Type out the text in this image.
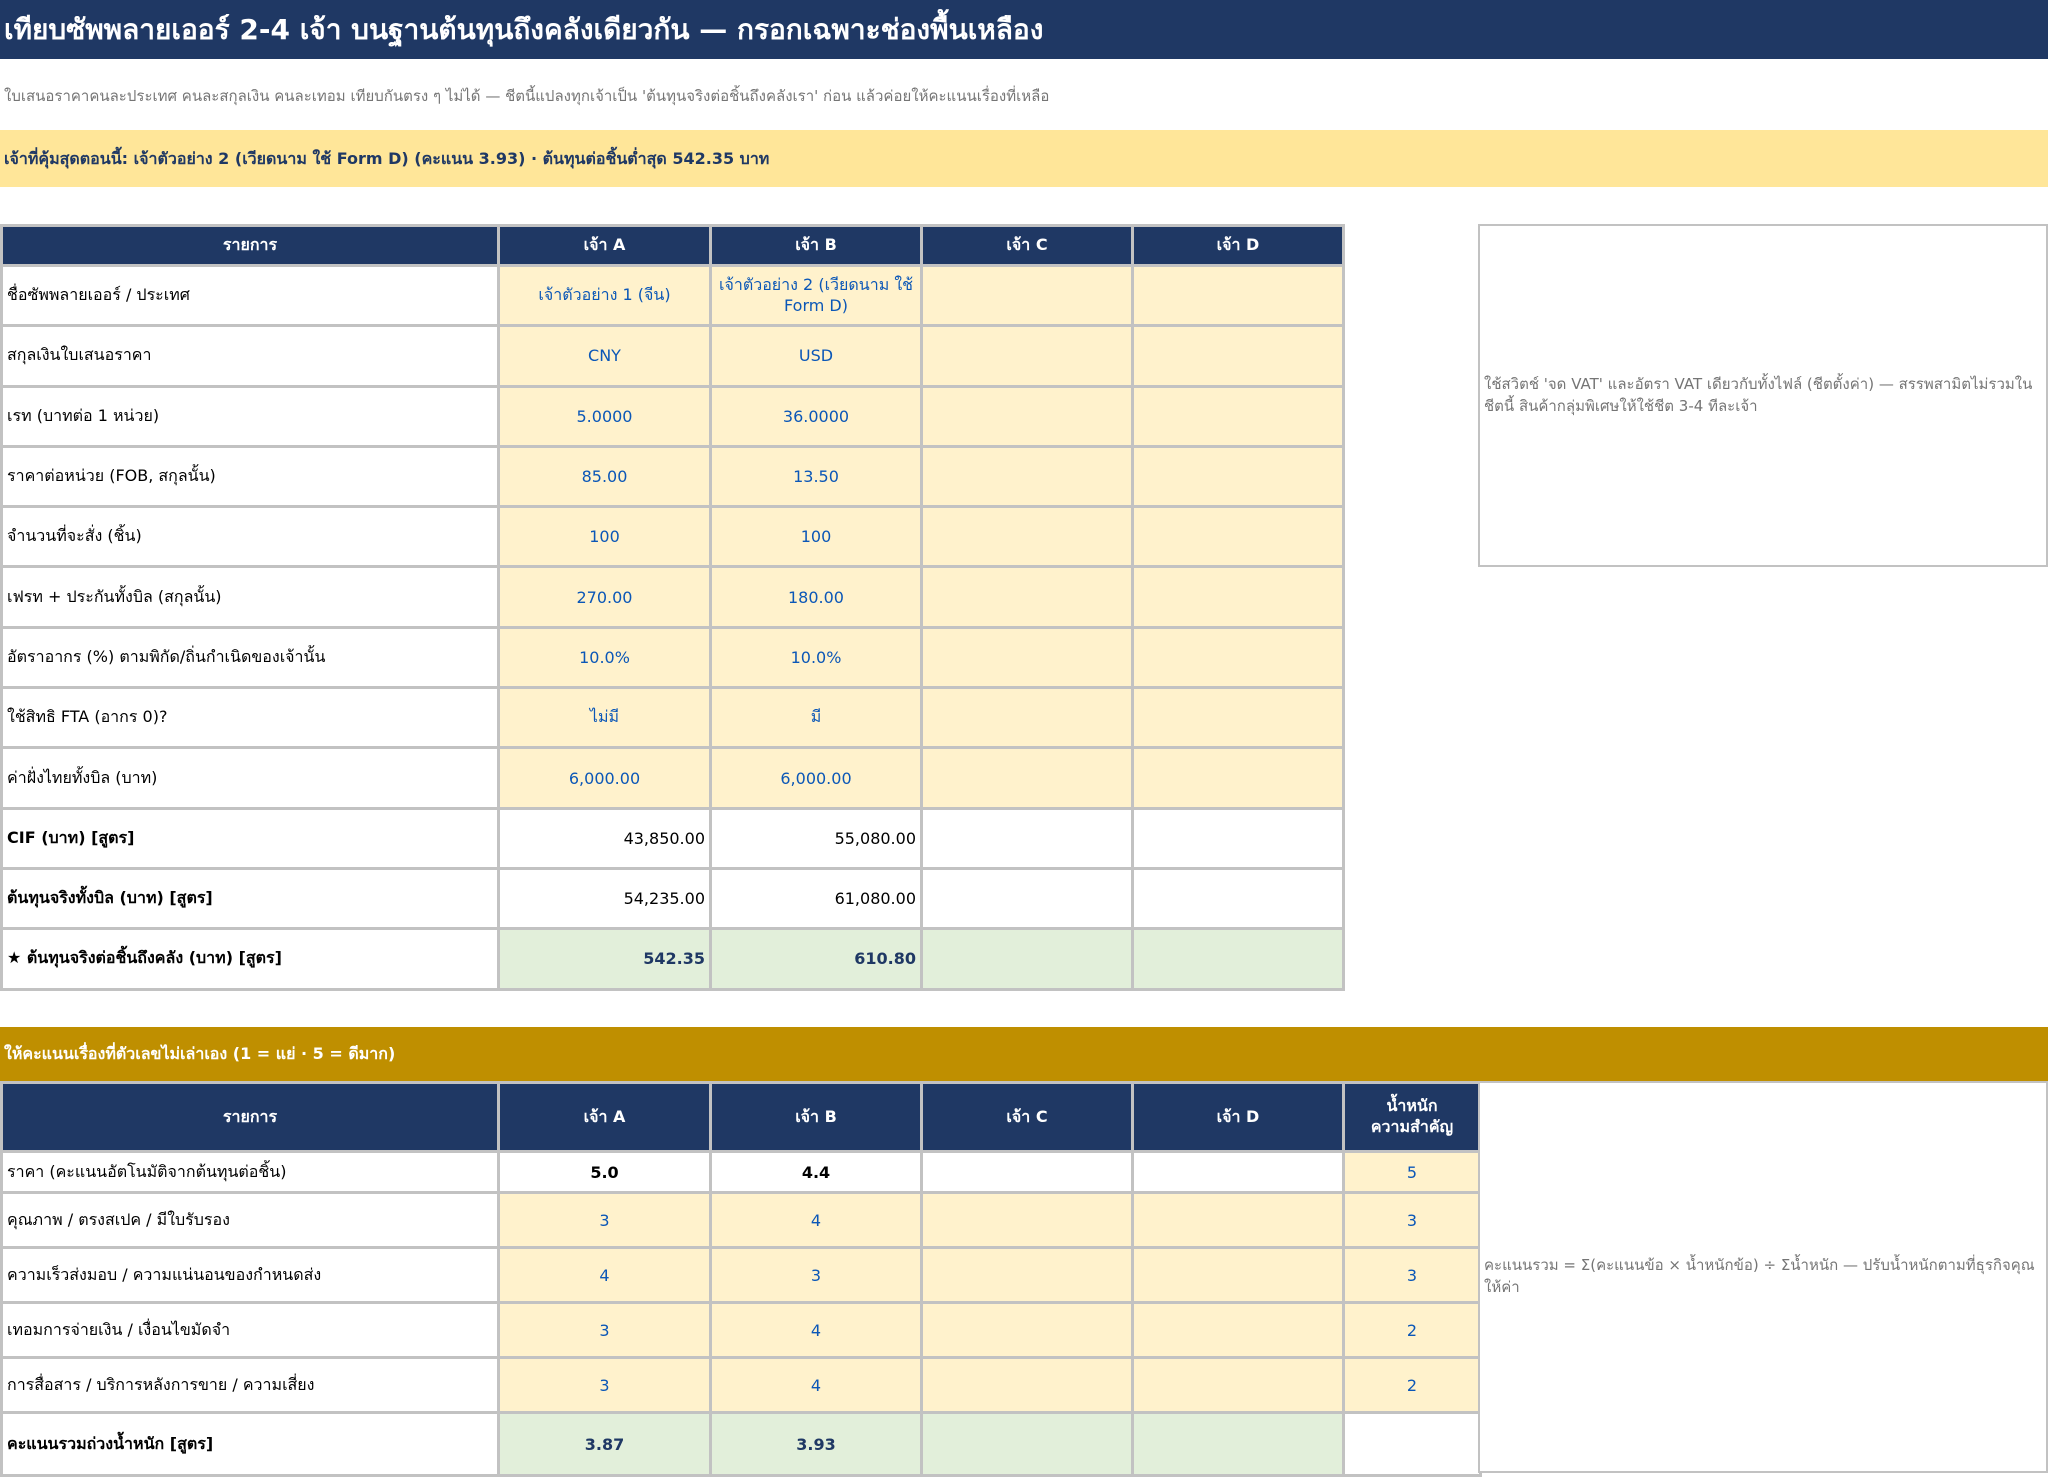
เทียบซัพพลายเออร์ 2-4 เจ้า บนฐานต้นทุนถึงคลังเดียวกัน — กรอกเฉพาะช่องพื้นเหลือง
ใบเสนอราคาคนละประเทศ คนละสกุลเงิน คนละเทอม เทียบกันตรง ๆ ไม่ได้ — ชีตนี้แปลงทุกเจ้าเป็น 'ต้นทุนจริงต่อชิ้นถึงคลังเรา' ก่อน แล้วค่อยให้คะแนนเรื่องที่เหลือ
เจ้าที่คุ้มสุดตอนนี้: เจ้าตัวอย่าง 2 (เวียดนาม ใช้ Form D) (คะแนน 3.93) · ต้นทุนต่อชิ้นต่ำสุด 542.35 บาท
รายการ	เจ้า A	เจ้า B	เจ้า C	เจ้า D
ชื่อซัพพลายเออร์ / ประเทศ	เจ้าตัวอย่าง 1 (จีน)	เจ้าตัวอย่าง 2 (เวียดนาม ใช้ Form D)		
สกุลเงินใบเสนอราคา	CNY	USD		
เรท (บาทต่อ 1 หน่วย)	5.0000	36.0000		
ราคาต่อหน่วย (FOB, สกุลนั้น)	85.00	13.50		
จำนวนที่จะสั่ง (ชิ้น)	100	100		
เฟรท + ประกันทั้งบิล (สกุลนั้น)	270.00	180.00		
อัตราอากร (%) ตามพิกัด/ถิ่นกำเนิดของเจ้านั้น	10.0%	10.0%		
ใช้สิทธิ FTA (อากร 0)?	ไม่มี	มี		
ค่าฝั่งไทยทั้งบิล (บาท)	6,000.00	6,000.00		
CIF (บาท) [สูตร]	43,850.00	55,080.00		
ต้นทุนจริงทั้งบิล (บาท) [สูตร]	54,235.00	61,080.00		
★ ต้นทุนจริงต่อชิ้นถึงคลัง (บาท) [สูตร]	542.35	610.80		
ใช้สวิตช์ 'จด VAT' และอัตรา VAT เดียวกับทั้งไฟล์ (ชีตตั้งค่า) — สรรพสามิตไม่รวมในชีตนี้ สินค้ากลุ่มพิเศษให้ใช้ชีต 3-4 ทีละเจ้า
ให้คะแนนเรื่องที่ตัวเลขไม่เล่าเอง (1 = แย่ · 5 = ดีมาก)
รายการ	เจ้า A	เจ้า B	เจ้า C	เจ้า D	น้ำหนัก
ความสำคัญ

ราคา (คะแนนอัตโนมัติจากต้นทุนต่อชิ้น)	5.0	4.4			5
คุณภาพ / ตรงสเปค / มีใบรับรอง	3	4			3
ความเร็วส่งมอบ / ความแน่นอนของกำหนดส่ง	4	3			3
เทอมการจ่ายเงิน / เงื่อนไขมัดจำ	3	4			2
การสื่อสาร / บริการหลังการขาย / ความเสี่ยง	3	4			2
คะแนนรวมถ่วงน้ำหนัก [สูตร]	3.87	3.93			
คะแนนรวม = Σ(คะแนนข้อ × น้ำหนักข้อ) ÷ Σน้ำหนัก — ปรับน้ำหนักตามที่ธุรกิจคุณให้ค่า
